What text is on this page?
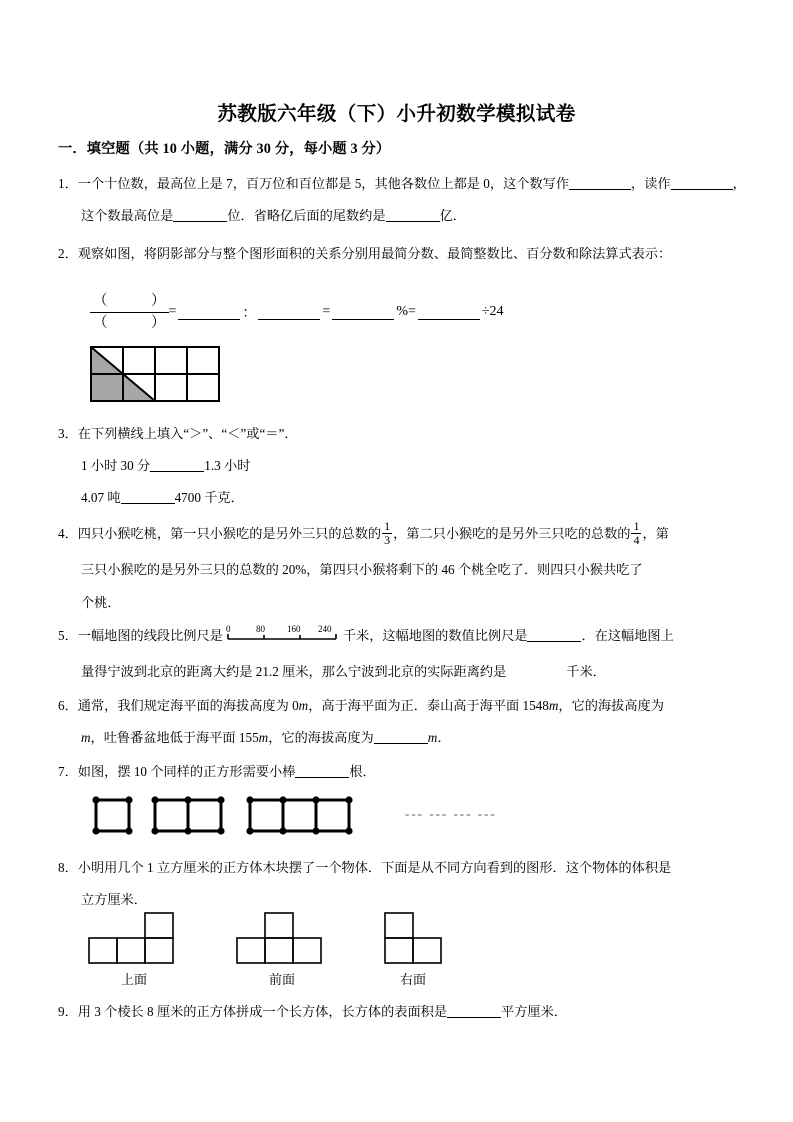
苏教版六年级（下）小升初数学模拟试卷
一．填空题（共 10 小题，满分 30 分，每小题 3 分）
1．一个十位数，最高位上是 7，百万位和百位都是 5，其他各数位上都是 0，这个数写作	，读作	，
这个数最高位是	位．省略亿后面的尾数约是	亿．
2．观察如图，将阴影部分与整个图形面积的关系分别用最简分数、最简整数比、百分数和除法算式表示：
（　　　）
（　　　）
=	：	=	%=	÷24
3．在下列横线上填入“＞”、“＜”或“＝”．
1 小时 30 分	1.3 小时
4.07 吨	4700 千克．
4．四只小猴吃桃，第一只小猴吃的是另外三只的总数的 $\frac{1}{3}$ ，第二只小猴吃的是另外三只吃的总数的 $\frac{1}{4}$ ，第
三只小猴吃的是另外三只的总数的 20%，第四只小猴将剩下的 46 个桃全吃了．则四只小猴共吃了
个桃．
5．一幅地图的线段比例尺是 0	80 160 240 千米，这幅地图的数值比例尺是	．在这幅地图上
量得宁波到北京的距离大约是 21.2 厘米，那么宁波到北京的实际距离约是	千米．
6．通常，我们规定海平面的海拔高度为 0m，高于海平面为正．泰山高于海平面 1548m，它的海拔高度为
m，吐鲁番盆地低于海平面 155m，它的海拔高度为	m．
7．如图，摆 10 个同样的正方形需要小棒	根．
--- --- --- ---
8．小明用几个 1 立方厘米的正方体木块摆了一个物体．下面是从不同方向看到的图形．这个物体的体积是
立方厘米．
上面	前面	右面
9．用 3 个棱长 8 厘米的正方体拼成一个长方体，长方体的表面积是	平方厘米．
